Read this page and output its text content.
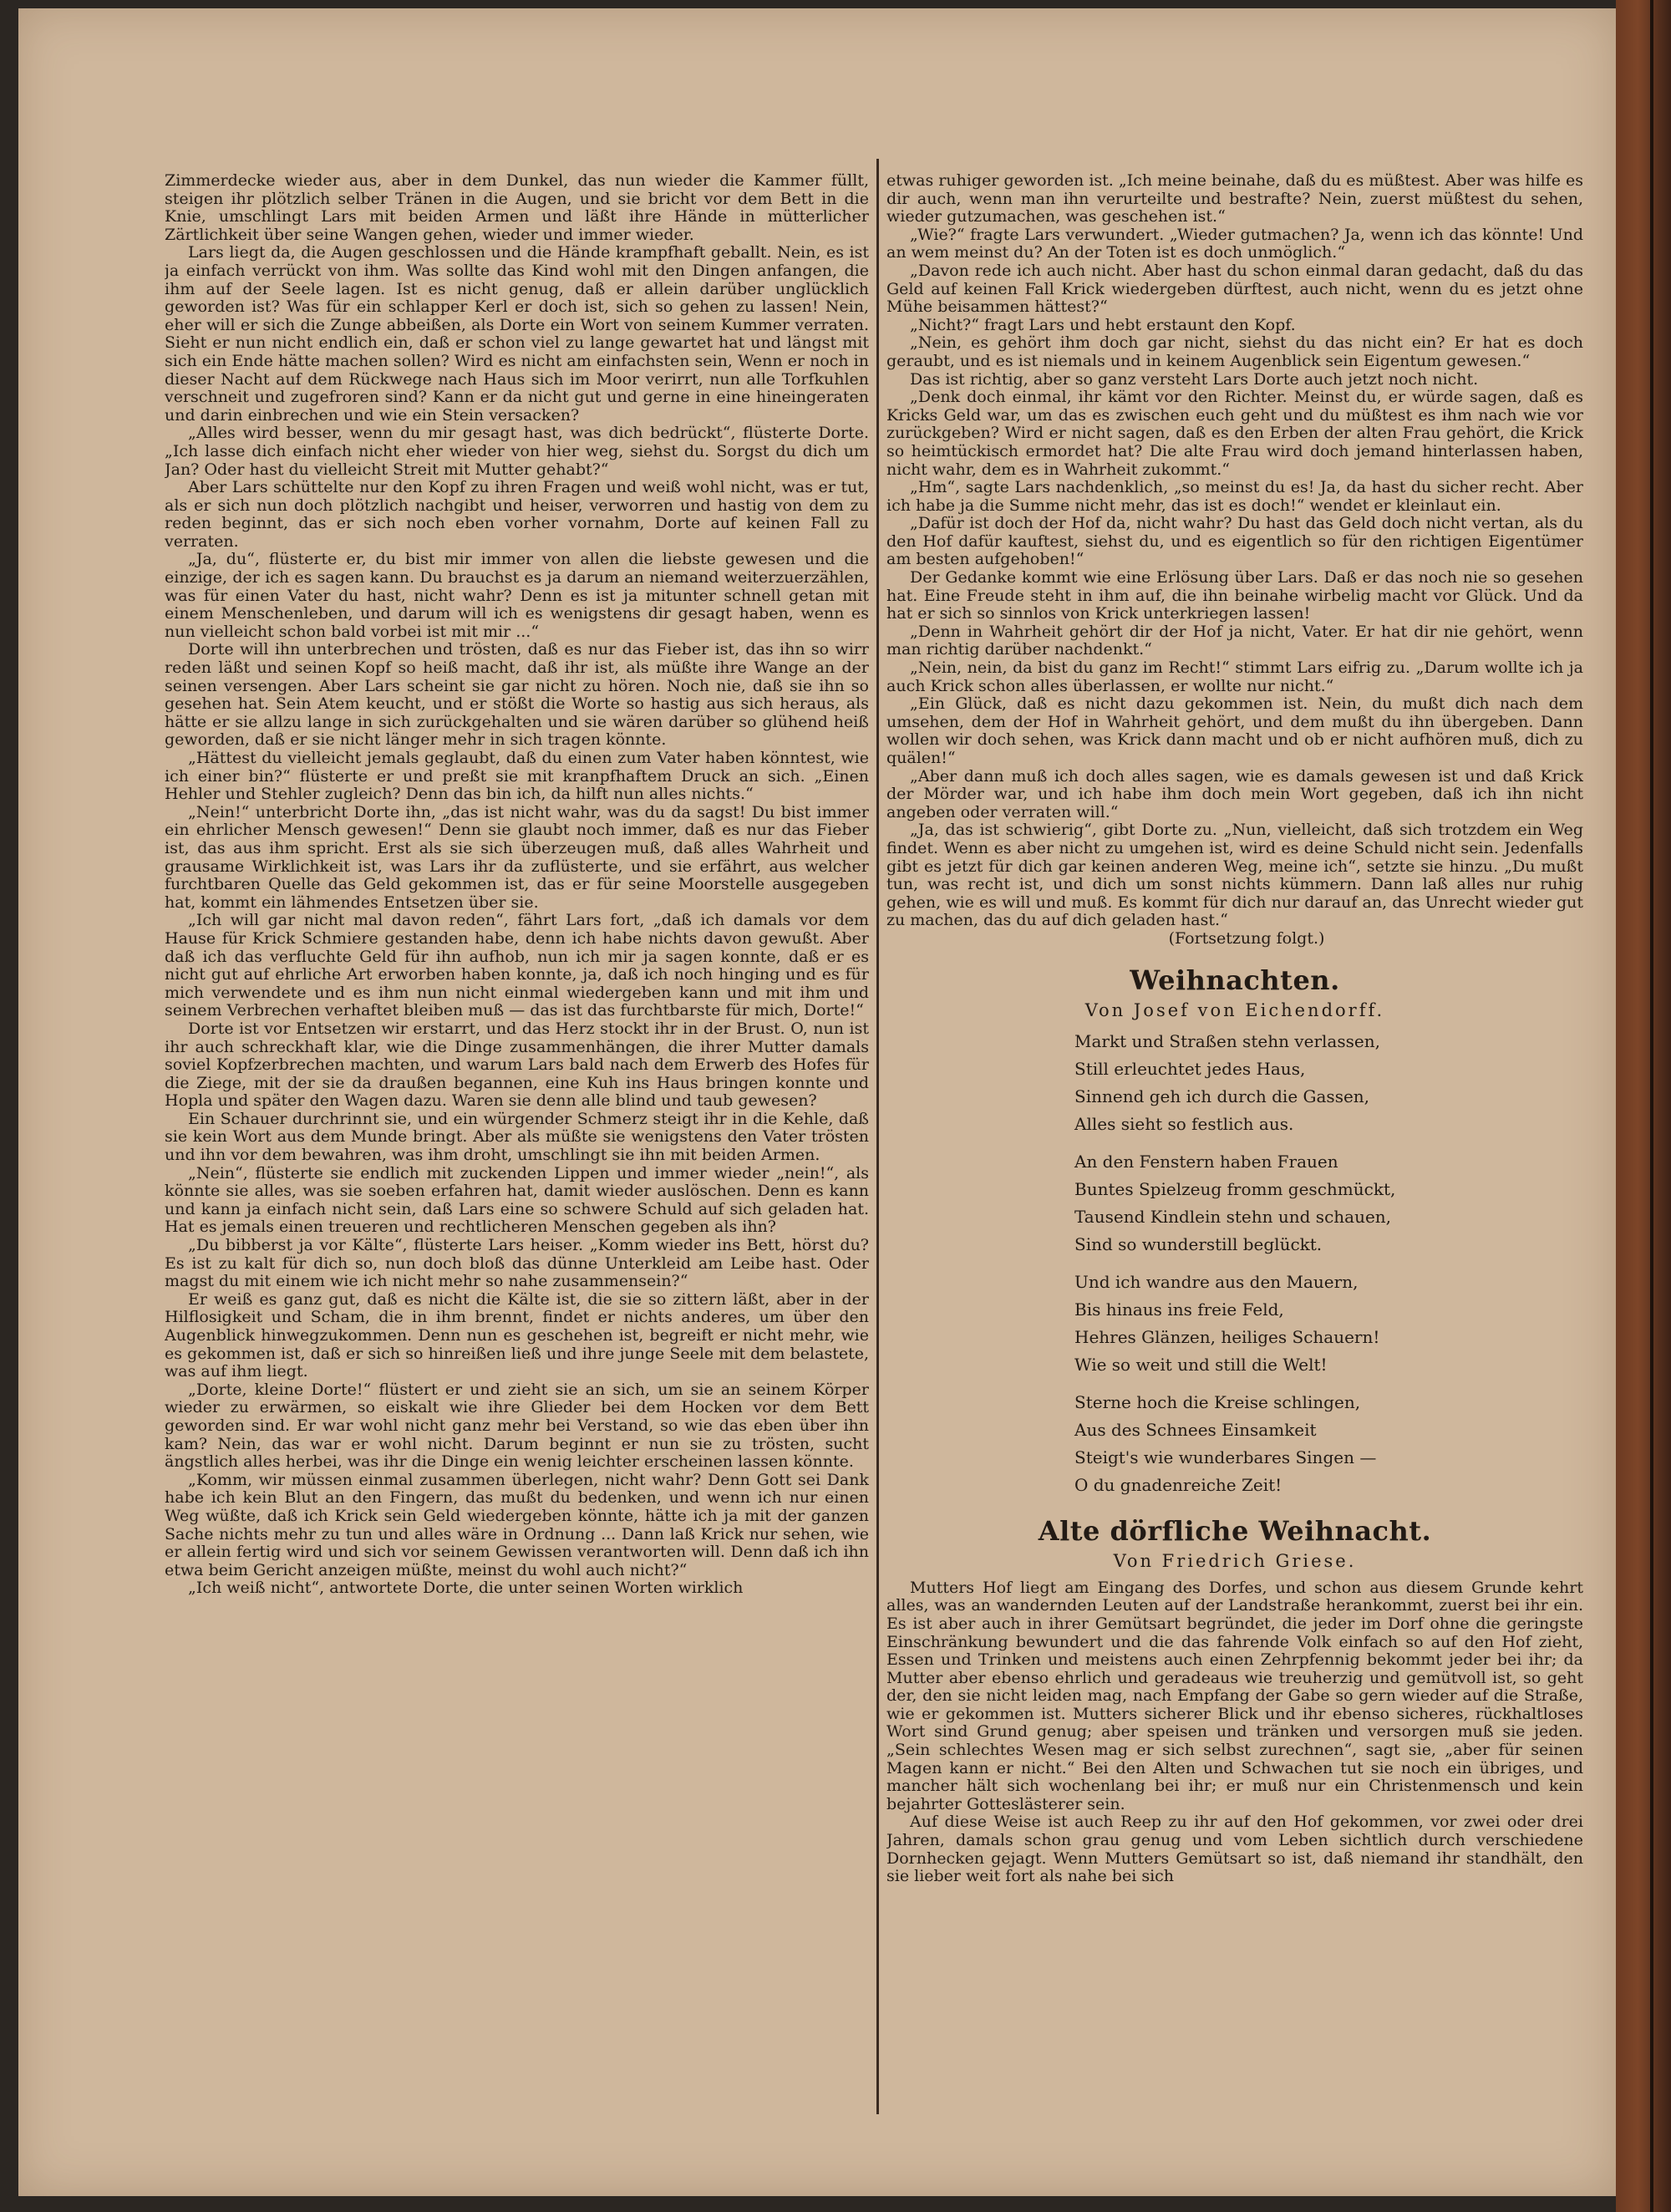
Zimmerdecke wieder aus, aber in dem Dunkel, das nun wieder die Kammer füllt, steigen ihr plötzlich selber Tränen in die Augen, und sie bricht vor dem Bett in die Knie, umschlingt Lars mit beiden Armen und läßt ihre Hände in mütterlicher Zärtlichkeit über seine Wangen gehen, wieder und immer wieder.

Lars liegt da, die Augen geschlossen und die Hände krampfhaft geballt. Nein, es ist ja einfach verrückt von ihm. Was sollte das Kind wohl mit den Dingen anfangen, die ihm auf der Seele lagen. Ist es nicht genug, daß er allein darüber unglücklich geworden ist? Was für ein schlapper Kerl er doch ist, sich so gehen zu lassen! Nein, eher will er sich die Zunge abbeißen, als Dorte ein Wort von seinem Kummer verraten. Sieht er nun nicht endlich ein, daß er schon viel zu lange gewartet hat und längst mit sich ein Ende hätte machen sollen? Wird es nicht am einfachsten sein, Wenn er noch in dieser Nacht auf dem Rückwege nach Haus sich im Moor verirrt, nun alle Torfkuhlen verschneit und zugefroren sind? Kann er da nicht gut und gerne in eine hineingeraten und darin einbrechen und wie ein Stein versacken?

„Alles wird besser, wenn du mir gesagt hast, was dich bedrückt“, flüsterte Dorte. „Ich lasse dich einfach nicht eher wieder von hier weg, siehst du. Sorgst du dich um Jan? Oder hast du vielleicht Streit mit Mutter gehabt?“

Aber Lars schüttelte nur den Kopf zu ihren Fragen und weiß wohl nicht, was er tut, als er sich nun doch plötzlich nachgibt und heiser, verworren und hastig von dem zu reden beginnt, das er sich noch eben vorher vornahm, Dorte auf keinen Fall zu verraten.

„Ja, du“, flüsterte er, du bist mir immer von allen die liebste gewesen und die einzige, der ich es sagen kann. Du brauchst es ja darum an niemand weiterzuerzählen, was für einen Vater du hast, nicht wahr? Denn es ist ja mitunter schnell getan mit einem Menschenleben, und darum will ich es wenigstens dir gesagt haben, wenn es nun vielleicht schon bald vorbei ist mit mir ...“

Dorte will ihn unterbrechen und trösten, daß es nur das Fieber ist, das ihn so wirr reden läßt und seinen Kopf so heiß macht, daß ihr ist, als müßte ihre Wange an der seinen versengen. Aber Lars scheint sie gar nicht zu hören. Noch nie, daß sie ihn so gesehen hat. Sein Atem keucht, und er stößt die Worte so hastig aus sich heraus, als hätte er sie allzu lange in sich zurückgehalten und sie wären darüber so glühend heiß geworden, daß er sie nicht länger mehr in sich tragen könnte.

„Hättest du vielleicht jemals geglaubt, daß du einen zum Vater haben könntest, wie ich einer bin?“ flüsterte er und preßt sie mit kranpfhaftem Druck an sich. „Einen Hehler und Stehler zugleich? Denn das bin ich, da hilft nun alles nichts.“

„Nein!“ unterbricht Dorte ihn, „das ist nicht wahr, was du da sagst! Du bist immer ein ehrlicher Mensch gewesen!“ Denn sie glaubt noch immer, daß es nur das Fieber ist, das aus ihm spricht. Erst als sie sich überzeugen muß, daß alles Wahrheit und grausame Wirklichkeit ist, was Lars ihr da zuflüsterte, und sie erfährt, aus welcher furchtbaren Quelle das Geld gekommen ist, das er für seine Moorstelle ausgegeben hat, kommt ein lähmendes Entsetzen über sie.

„Ich will gar nicht mal davon reden“, fährt Lars fort, „daß ich damals vor dem Hause für Krick Schmiere gestanden habe, denn ich habe nichts davon gewußt. Aber daß ich das verfluchte Geld für ihn aufhob, nun ich mir ja sagen konnte, daß er es nicht gut auf ehrliche Art erworben haben konnte, ja, daß ich noch hinging und es für mich verwendete und es ihm nun nicht einmal wiedergeben kann und mit ihm und seinem Verbrechen verhaftet bleiben muß — das ist das furchtbarste für mich, Dorte!“

Dorte ist vor Entsetzen wir erstarrt, und das Herz stockt ihr in der Brust. O, nun ist ihr auch schreckhaft klar, wie die Dinge zusammenhängen, die ihrer Mutter damals soviel Kopfzerbrechen machten, und warum Lars bald nach dem Erwerb des Hofes für die Ziege, mit der sie da draußen begannen, eine Kuh ins Haus bringen konnte und Hopla und später den Wagen dazu. Waren sie denn alle blind und taub gewesen?

Ein Schauer durchrinnt sie, und ein würgender Schmerz steigt ihr in die Kehle, daß sie kein Wort aus dem Munde bringt. Aber als müßte sie wenigstens den Vater trösten und ihn vor dem bewahren, was ihm droht, umschlingt sie ihn mit beiden Armen.

„Nein“, flüsterte sie endlich mit zuckenden Lippen und immer wieder „nein!“, als könnte sie alles, was sie soeben erfahren hat, damit wieder auslöschen. Denn es kann und kann ja einfach nicht sein, daß Lars eine so schwere Schuld auf sich geladen hat. Hat es jemals einen treueren und rechtlicheren Menschen gegeben als ihn?

„Du bibberst ja vor Kälte“, flüsterte Lars heiser. „Komm wieder ins Bett, hörst du? Es ist zu kalt für dich so, nun doch bloß das dünne Unterkleid am Leibe hast. Oder magst du mit einem wie ich nicht mehr so nahe zusammensein?“

Er weiß es ganz gut, daß es nicht die Kälte ist, die sie so zittern läßt, aber in der Hilflosigkeit und Scham, die in ihm brennt, findet er nichts anderes, um über den Augenblick hinwegzukommen. Denn nun es geschehen ist, begreift er nicht mehr, wie es gekommen ist, daß er sich so hinreißen ließ und ihre junge Seele mit dem belastete, was auf ihm liegt.

„Dorte, kleine Dorte!“ flüstert er und zieht sie an sich, um sie an seinem Körper wieder zu erwärmen, so eiskalt wie ihre Glieder bei dem Hocken vor dem Bett geworden sind. Er war wohl nicht ganz mehr bei Verstand, so wie das eben über ihn kam? Nein, das war er wohl nicht. Darum beginnt er nun sie zu trösten, sucht ängstlich alles herbei, was ihr die Dinge ein wenig leichter erscheinen lassen könnte.

„Komm, wir müssen einmal zusammen überlegen, nicht wahr? Denn Gott sei Dank habe ich kein Blut an den Fingern, das mußt du bedenken, und wenn ich nur einen Weg wüßte, daß ich Krick sein Geld wiedergeben könnte, hätte ich ja mit der ganzen Sache nichts mehr zu tun und alles wäre in Ordnung ... Dann laß Krick nur sehen, wie er allein fertig wird und sich vor seinem Gewissen verantworten will. Denn daß ich ihn etwa beim Gericht anzeigen müßte, meinst du wohl auch nicht?“

„Ich weiß nicht“, antwortete Dorte, die unter seinen Worten wirklich

etwas ruhiger geworden ist. „Ich meine beinahe, daß du es müßtest. Aber was hilfe es dir auch, wenn man ihn verurteilte und bestrafte? Nein, zuerst müßtest du sehen, wieder gutzumachen, was geschehen ist.“

„Wie?“ fragte Lars verwundert. „Wieder gutmachen? Ja, wenn ich das könnte! Und an wem meinst du? An der Toten ist es doch unmöglich.“

„Davon rede ich auch nicht. Aber hast du schon einmal daran gedacht, daß du das Geld auf keinen Fall Krick wiedergeben dürftest, auch nicht, wenn du es jetzt ohne Mühe beisammen hättest?“

„Nicht?“ fragt Lars und hebt erstaunt den Kopf.

„Nein, es gehört ihm doch gar nicht, siehst du das nicht ein? Er hat es doch geraubt, und es ist niemals und in keinem Augenblick sein Eigentum gewesen.“

Das ist richtig, aber so ganz versteht Lars Dorte auch jetzt noch nicht.

„Denk doch einmal, ihr kämt vor den Richter. Meinst du, er würde sagen, daß es Kricks Geld war, um das es zwischen euch geht und du müßtest es ihm nach wie vor zurückgeben? Wird er nicht sagen, daß es den Erben der alten Frau gehört, die Krick so heimtückisch ermordet hat? Die alte Frau wird doch jemand hinterlassen haben, nicht wahr, dem es in Wahrheit zukommt.“

„Hm“, sagte Lars nachdenklich, „so meinst du es! Ja, da hast du sicher recht. Aber ich habe ja die Summe nicht mehr, das ist es doch!“ wendet er kleinlaut ein.

„Dafür ist doch der Hof da, nicht wahr? Du hast das Geld doch nicht vertan, als du den Hof dafür kauftest, siehst du, und es eigentlich so für den richtigen Eigentümer am besten aufgehoben!“

Der Gedanke kommt wie eine Erlösung über Lars. Daß er das noch nie so gesehen hat. Eine Freude steht in ihm auf, die ihn beinahe wirbelig macht vor Glück. Und da hat er sich so sinnlos von Krick unterkriegen lassen!

„Denn in Wahrheit gehört dir der Hof ja nicht, Vater. Er hat dir nie gehört, wenn man richtig darüber nachdenkt.“

„Nein, nein, da bist du ganz im Recht!“ stimmt Lars eifrig zu. „Darum wollte ich ja auch Krick schon alles überlassen, er wollte nur nicht.“

„Ein Glück, daß es nicht dazu gekommen ist. Nein, du mußt dich nach dem umsehen, dem der Hof in Wahrheit gehört, und dem mußt du ihn übergeben. Dann wollen wir doch sehen, was Krick dann macht und ob er nicht aufhören muß, dich zu quälen!“

„Aber dann muß ich doch alles sagen, wie es damals gewesen ist und daß Krick der Mörder war, und ich habe ihm doch mein Wort gegeben, daß ich ihn nicht angeben oder verraten will.“

„Ja, das ist schwierig“, gibt Dorte zu. „Nun, vielleicht, daß sich trotzdem ein Weg findet. Wenn es aber nicht zu umgehen ist, wird es deine Schuld nicht sein. Jedenfalls gibt es jetzt für dich gar keinen anderen Weg, meine ich“, setzte sie hinzu. „Du mußt tun, was recht ist, und dich um sonst nichts kümmern. Dann laß alles nur ruhig gehen, wie es will und muß. Es kommt für dich nur darauf an, das Unrecht wieder gut zu machen, das du auf dich geladen hast.“

(Fortsetzung folgt.)

Weihnachten.
Von Josef von Eichendorff.
Markt und Straßen stehn verlassen,
Still erleuchtet jedes Haus,
Sinnend geh ich durch die Gassen,
Alles sieht so festlich aus.
An den Fenstern haben Frauen
Buntes Spielzeug fromm geschmückt,
Tausend Kindlein stehn und schauen,
Sind so wunderstill beglückt.
Und ich wandre aus den Mauern,
Bis hinaus ins freie Feld,
Hehres Glänzen, heiliges Schauern!
Wie so weit und still die Welt!
Sterne hoch die Kreise schlingen,
Aus des Schnees Einsamkeit
Steigt's wie wunderbares Singen —
O du gnadenreiche Zeit!
Alte dörfliche Weihnacht.
Von Friedrich Griese.

Mutters Hof liegt am Eingang des Dorfes, und schon aus diesem Grunde kehrt alles, was an wandernden Leuten auf der Landstraße herankommt, zuerst bei ihr ein. Es ist aber auch in ihrer Gemütsart begründet, die jeder im Dorf ohne die geringste Einschränkung bewundert und die das fahrende Volk einfach so auf den Hof zieht, Essen und Trinken und meistens auch einen Zehrpfennig bekommt jeder bei ihr; da Mutter aber ebenso ehrlich und geradeaus wie treuherzig und gemütvoll ist, so geht der, den sie nicht leiden mag, nach Empfang der Gabe so gern wieder auf die Straße, wie er gekommen ist. Mutters sicherer Blick und ihr ebenso sicheres, rückhaltloses Wort sind Grund genug; aber speisen und tränken und versorgen muß sie jeden. „Sein schlechtes Wesen mag er sich selbst zurechnen“, sagt sie, „aber für seinen Magen kann er nicht.“ Bei den Alten und Schwachen tut sie noch ein übriges, und mancher hält sich wochenlang bei ihr; er muß nur ein Christenmensch und kein bejahrter Gotteslästerer sein.

Auf diese Weise ist auch Reep zu ihr auf den Hof gekommen, vor zwei oder drei Jahren, damals schon grau genug und vom Leben sichtlich durch verschiedene Dornhecken gejagt. Wenn Mutters Gemütsart so ist, daß niemand ihr standhält, den sie lieber weit fort als nahe bei sich
